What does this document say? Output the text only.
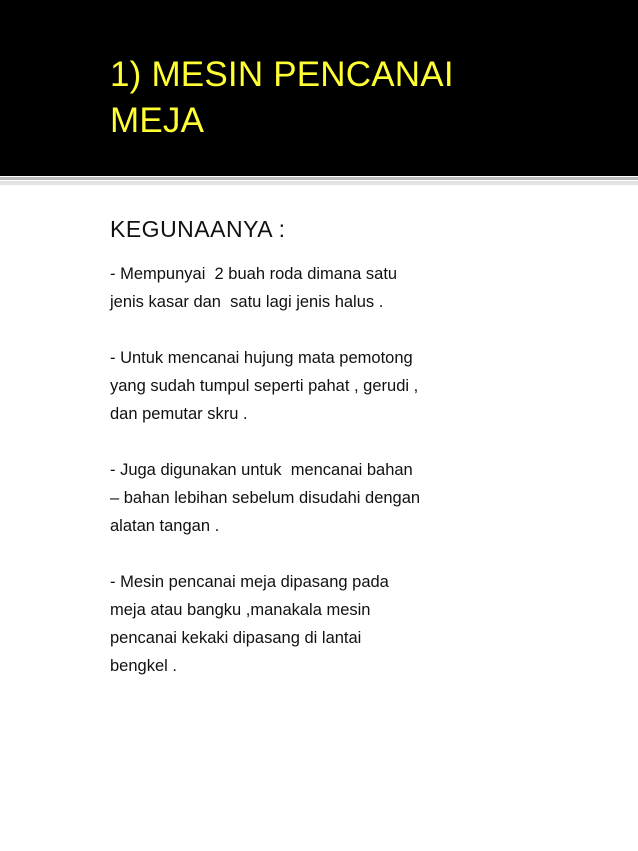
1) MESIN PENCANAI
MEJA
KEGUNAANYA :

- Mempunyai  2 buah roda dimana satu
jenis kasar dan  satu lagi jenis halus .

- Untuk mencanai hujung mata pemotong
yang sudah tumpul seperti pahat , gerudi ,
dan pemutar skru .

- Juga digunakan untuk  mencanai bahan
– bahan lebihan sebelum disudahi dengan
alatan tangan .

- Mesin pencanai meja dipasang pada
meja atau bangku ,manakala mesin
pencanai kekaki dipasang di lantai
bengkel .
